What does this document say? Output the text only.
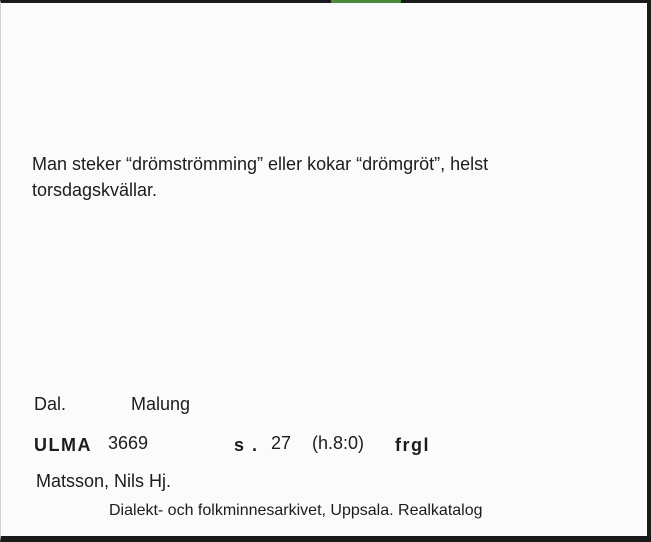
Man steker “drömströmming” eller kokar “drömgröt”, helst torsdagskvällar.

Dal.	Malung
ULMA 3669	s . 27 (h.8:0) frgl
Matsson, Nils Hj.
Dialekt- och folkminnesarkivet, Uppsala. Realkatalog
